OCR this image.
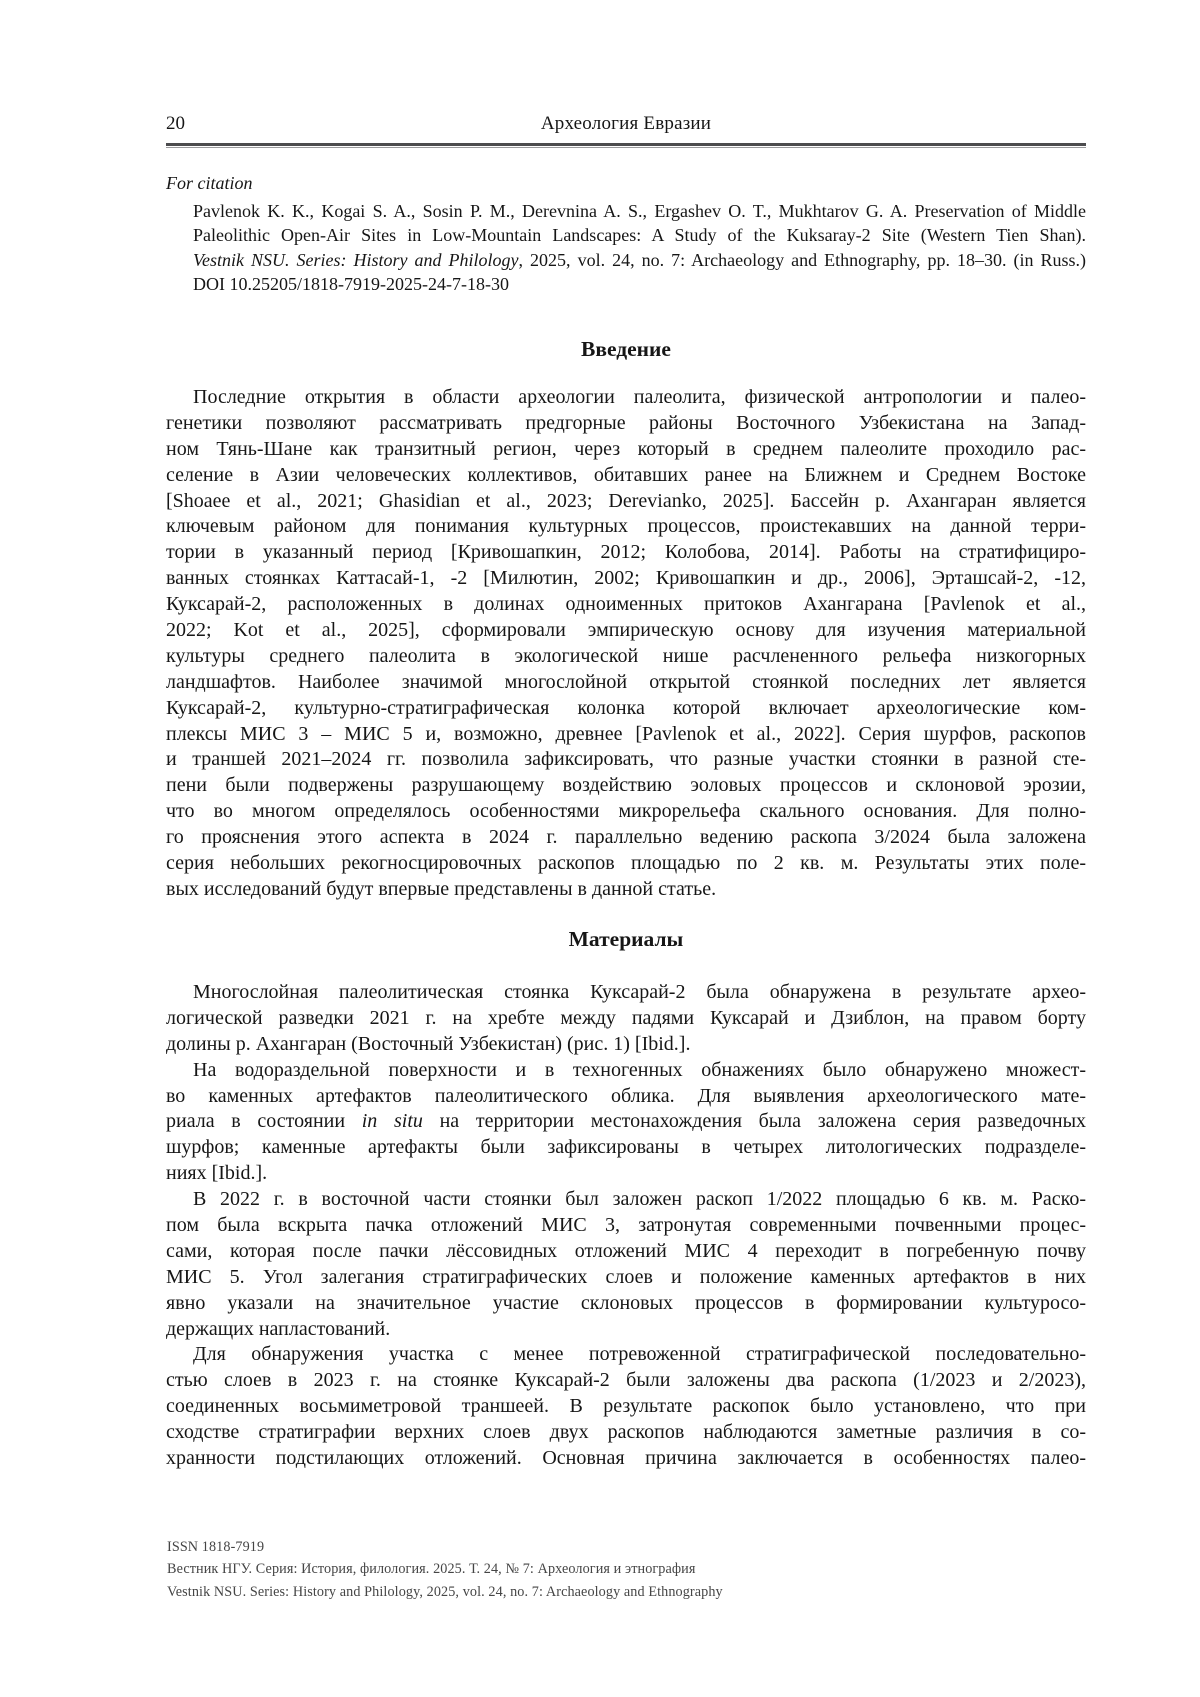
20	Археология Евразии
For citation
Pavlenok K. K., Kogai S. A., Sosin P. M., Derevnina A. S., Ergashev O. T., Mukhtarov G. A. Preservation of Middle
Paleolithic Open-Air Sites in Low-Mountain Landscapes: A Study of the Kuksaray-2 Site (Western Tien Shan).
Vestnik NSU. Series: History and Philology, 2025, vol. 24, no. 7: Archaeology and Ethnography, pp. 18–30. (in Russ.)
DOI 10.25205/1818-7919-2025-24-7-18-30
Введение
Последние открытия в области археологии палеолита, физической антропологии и палео-
генетики позволяют рассматривать предгорные районы Восточного Узбекистана на Запад-
ном Тянь-Шане как транзитный регион, через который в среднем палеолите проходило рас-
селение в Азии человеческих коллективов, обитавших ранее на Ближнем и Среднем Востоке
[Shoaee et al., 2021; Ghasidian et al., 2023; Derevianko, 2025]. Бассейн р. Ахангаран является
ключевым районом для понимания культурных процессов, проистекавших на данной терри-
тории в указанный период [Кривошапкин, 2012; Колобова, 2014]. Работы на стратифициро-
ванных стоянках Каттасай-1, -2 [Милютин, 2002; Кривошапкин и др., 2006], Эрташсай-2, -12,
Куксарай-2, расположенных в долинах одноименных притоков Ахангарана [Pavlenok et al.,
2022; Kot et al., 2025], сформировали эмпирическую основу для изучения материальной
культуры среднего палеолита в экологической нише расчлененного рельефа низкогорных
ландшафтов. Наиболее значимой многослойной открытой стоянкой последних лет является
Куксарай-2, культурно-стратиграфическая колонка которой включает археологические ком-
плексы МИС 3 – МИС 5 и, возможно, древнее [Pavlenok et al., 2022]. Серия шурфов, раскопов
и траншей 2021–2024 гг. позволила зафиксировать, что разные участки стоянки в разной сте-
пени были подвержены разрушающему воздействию эоловых процессов и склоновой эрозии,
что во многом определялось особенностями микрорельефа скального основания. Для полно-
го прояснения этого аспекта в 2024 г. параллельно ведению раскопа 3/2024 была заложена
серия небольших рекогносцировочных раскопов площадью по 2 кв. м. Результаты этих поле-
вых исследований будут впервые представлены в данной статье.
Материалы
Многослойная палеолитическая стоянка Куксарай-2 была обнаружена в результате архео-
логической разведки 2021 г. на хребте между падями Куксарай и Дзиблон, на правом борту
долины р. Ахангаран (Восточный Узбекистан) (рис. 1) [Ibid.].
На водораздельной поверхности и в техногенных обнажениях было обнаружено множест-
во каменных артефактов палеолитического облика. Для выявления археологического мате-
риала в состоянии in situ на территории местонахождения была заложена серия разведочных
шурфов; каменные артефакты были зафиксированы в четырех литологических подразделе-
ниях [Ibid.].
В 2022 г. в восточной части стоянки был заложен раскоп 1/2022 площадью 6 кв. м. Раско-
пом была вскрыта пачка отложений МИС 3, затронутая современными почвенными процес-
сами, которая после пачки лёссовидных отложений МИС 4 переходит в погребенную почву
МИС 5. Угол залегания стратиграфических слоев и положение каменных артефактов в них
явно указали на значительное участие склоновых процессов в формировании культуросо-
держащих напластований.
Для обнаружения участка с менее потревоженной стратиграфической последовательно-
стью слоев в 2023 г. на стоянке Куксарай-2 были заложены два раскопа (1/2023 и 2/2023),
соединенных восьмиметровой траншеей. В результате раскопок было установлено, что при
сходстве стратиграфии верхних слоев двух раскопов наблюдаются заметные различия в со-
хранности подстилающих отложений. Основная причина заключается в особенностях палео-
ISSN 1818-7919
Вестник НГУ. Серия: История, филология. 2025. Т. 24, № 7: Археология и этнография
Vestnik NSU. Series: History and Philology, 2025, vol. 24, no. 7: Archaeology and Ethnography
